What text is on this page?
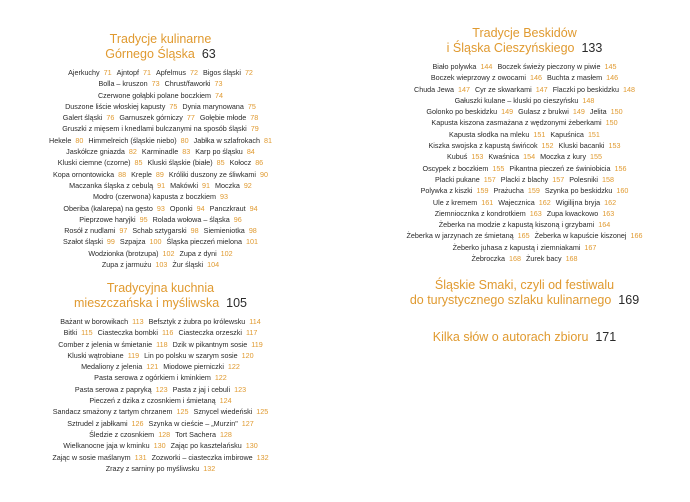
Tradycje kulinarne
Górnego Śląska 63
Ajerkuchy 71 Ajntopf 71 Apfelmus 72 Bigos śląski 72
Bolla – kruszon 73 Chrust/faworki 73
Czerwone gołąbki polane boczkiem 74
Duszone liście włoskiej kapusty 75 Dynia marynowana 75
Galert śląski 76 Garnuszek górniczy 77 Gołębie młode 78
Gruszki z mięsem i knedlami bulczanymi na sposób śląski 79
Hekele 80 Himmelreich (śląskie niebo) 80 Jabłka w szlafrokach 81
Jaskółcze gniazda 82 Karminadle 83 Karp po śląsku 84
Kluski ciemne (czorne) 85 Kluski śląskie (białe) 85 Kołocz 86
Kopa ornontowicka 88 Kreple 89 Króliki duszony ze śliwkami 90
Maczanka śląska z cebulą 91 Makówki 91 Moczka 92
Modro (czerwona) kapusta z boczkiem 93
Oberiba (kalarepa) na gęsto 93 Oponki 94 Panczkraut 94
Pieprzowe haryjki 95 Rolada wołowa – śląska 96
Rosół z nudlami 97 Schab sztygarski 98 Siemieniotka 98
Szałot śląski 99 Szpajza 100 Śląska pieczeń mielona 101
Wodzionka (brotzupa) 102 Zupa z dyni 102
Zupa z jarmużu 103 Żur śląski 104
Tradycyjna kuchnia
mieszczańska i myśliwska 105
Bażant w borowikach 113 Befsztyk z żubra po królewsku 114
Bitki 115 Ciasteczka bombki 116 Ciasteczka orzeszki 117
Comber z jelenia w śmietanie 118 Dzik w pikantnym sosie 119
Kluski wątrobiane 119 Lin po polsku w szarym sosie 120
Medaliony z jelenia 121 Miodowe pierniczki 122
Pasta serowa z ogórkiem i kminkiem 122
Pasta serowa z papryką 123 Pasta z jaj i cebuli 123
Pieczeń z dzika z czosnkiem i śmietaną 124
Sandacz smażony z tartym chrzanem 125 Sznycel wiedeński 125
Sztrudel z jabłkami 126 Szynka w cieście – „Murzin" 127
Śledzie z czosnkiem 128 Tort Sachera 128
Wielkanocne jaja w kminku 130 Zając po kasztelańsku 130
Zając w sosie maślanym 131 Zozworki – ciasteczka imbirowe 132
Zrazy z sarniny po myśliwsku 132
Tradycje Beskidów
i Śląska Cieszyńskiego 133
Biało polywka 144 Boczek świeży pieczony w piwie 145
Boczek wieprzowy z owocami 146 Buchta z masłem 146
Chuda Jewa 147 Cyr ze skwarkami 147 Flaczki po beskidzku 148
Gałuszki kulane – kluski po cieszyńsku 148
Golonko po beskidzku 149 Gulasz z brukwi 149 Jelita 150
Kapusta kiszona zasmażana z wędzonymi żeberkami 150
Kapusta słodka na mleku 151 Kapuśnica 151
Kiszka swojska z kapustą świńcok 152 Kluski bacanki 153
Kubuś 153 Kwaśnica 154 Moczka z kury 155
Oscypek z boczkiem 155 Pikantna pieczeń ze świniobicia 156
Placki pukane 157 Placki z blachy 157 Polesniki 158
Polywka z kiszki 159 Prażucha 159 Szynka po beskidzku 160
Ule z kremem 161 Wajecznica 162 Wigilijna bryja 162
Ziemniocznka z kondrotkiem 163 Zupa kwackowo 163
Żeberka na modzie z kapustą kiszoną i grzybami 164
Żeberka w jarzynach ze śmietaną 165 Żeberka w kapuście kiszonej 166
Żeberko juhasa z kapustą i ziemniakami 167
Żebroczka 168 Żurek bacy 168
Śląskie Smaki, czyli od festiwalu
do turystycznego szlaku kulinarnego 169
Kilka słów o autorach zbioru 171
